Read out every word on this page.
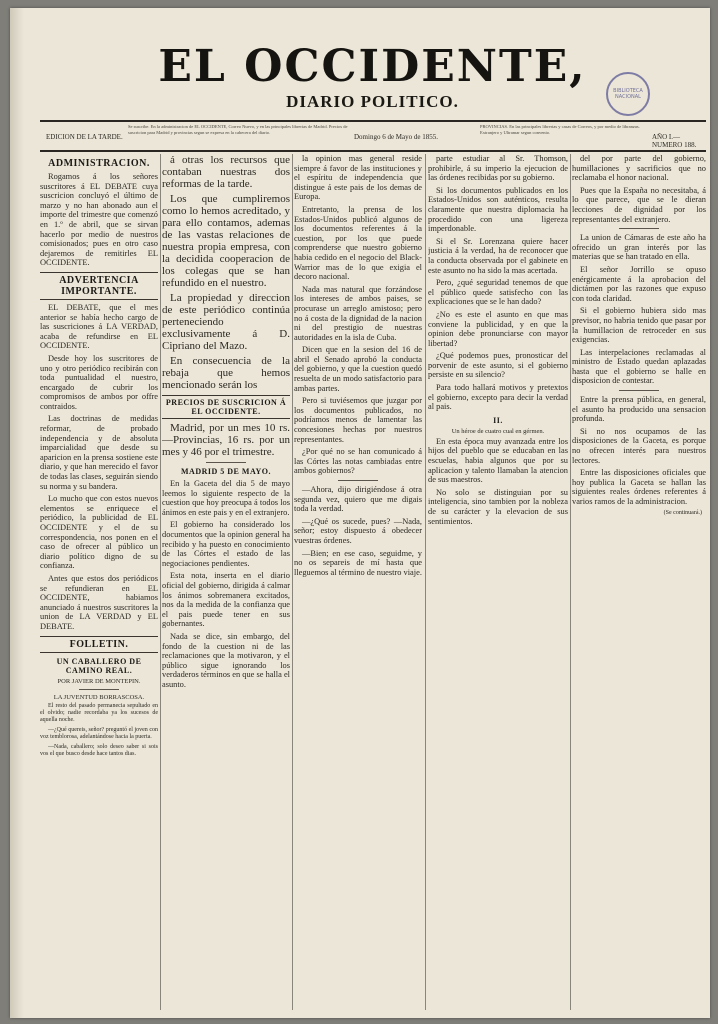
EL OCCIDENTE,
DIARIO POLITICO.
BIBLIOTECA NACIONAL
EDICION DE LA TARDE.
Se suscribe. En la administracion de EL OCCIDENTE, Correo Nuevo, y en las principales librerias de Madrid. Precios de suscricion para Madrid y provincias segun se expresa en la cabecera del diario.
Domingo 6 de Mayo de 1855.
PROVINCIAS. En las principales librerias y casas de Correos, y por medio de libranzas. Extranjero y Ultramar segun convenio.
AÑO I.—NUMERO 188.
ADMINISTRACION.

Rogamos á los señores suscritores á EL DEBATE cuya suscricion concluyó el último de marzo y no han abonado aun el importe del trimestre que comenzó en 1.º de abril, que se sirvan hacerlo por medio de nuestros comisionados; pues en otro caso dejaremos de remitirles EL OCCIDENTE.

ADVERTENCIA IMPORTANTE.

EL DEBATE, que el mes anterior se había hecho cargo de las suscriciones á LA VERDAD, acaba de refundirse en EL OCCIDENTE.

Desde hoy los suscritores de uno y otro periódico recibirán con toda puntualidad el nuestro, encargado de cubrir los compromisos de ambos por offre contraidos.

Las doctrinas de medidas reformar, de probado independencia y de absoluta imparcialidad que desde su aparicion en la prensa sostiene este diario, y que han merecido el favor de todas las clases, seguirán siendo su norma y su bandera.

Lo mucho que con estos nuevos elementos se enriquece el periódico, la publicidad de EL OCCIDENTE y el de su correspondencia, nos ponen en el caso de ofrecer al público un diario político digno de su confianza.

Antes que estos dos periódicos se refundieran en EL OCCIDENTE, habiamos anunciado á nuestros suscritores la union de LA VERDAD y EL DEBATE.

FOLLETIN.
UN CABALLERO DE CAMINO REAL.
POR JAVIER DE MONTEPIN.
LA JUVENTUD BORRASCOSA.

El resto del pasado permanecia sepultado en el olvido; nadie recordaba ya los sucesos de aquella noche.

—¿Qué quereis, señor? preguntó el joven con voz temblorosa, adelantándose hacia la puerta.

—Nada, caballero; solo deseo saber si sois vos el que busco desde hace tantos dias.

á otras los recursos que contaban nuestras dos reformas de la tarde.

Los que cumpliremos como lo hemos acreditado, y para ello contamos, ademas de las vastas relaciones de nuestra propia empresa, con la decidida cooperacion de los colegas que se han refundido en el nuestro.

La propiedad y direccion de este periódico continúa perteneciendo exclusivamente á D. Cipriano del Mazo.

En consecuencia de la rebaja que hemos mencionado serán los

PRECIOS DE SUSCRICION Á EL OCCIDENTE.

Madrid, por un mes 10 rs.—Provincias, 16 rs. por un mes y 46 por el trimestre.

MADRID 5 DE MAYO.

En la Gaceta del dia 5 de mayo leemos lo siguiente respecto de la cuestion que hoy preocupa á todos los ánimos en este pais y en el extranjero.

El gobierno ha considerado los documentos que la opinion general ha recibido y ha puesto en conocimiento de las Córtes el estado de las negociaciones pendientes.

Esta nota, inserta en el diario oficial del gobierno, dirigida á calmar los ánimos sobremanera excitados, nos da la medida de la confianza que el pais puede tener en sus gobernantes.

Nada se dice, sin embargo, del fondo de la cuestion ni de las reclamaciones que la motivaron, y el público sigue ignorando los verdaderos términos en que se halla el asunto.

la opinion mas general reside siempre á favor de las instituciones y el espíritu de independencia que distingue á este pais de los demas de Europa.

Entretanto, la prensa de los Estados-Unidos publicó algunos de los documentos referentes á la cuestion, por los que puede comprenderse que nuestro gobierno habia cedido en el negocio del Black-Warrior mas de lo que exigia el decoro nacional.

Nada mas natural que forzándose los intereses de ambos paises, se procurase un arreglo amistoso; pero no á costa de la dignidad de la nacion ni del prestigio de nuestras autoridades en la isla de Cuba.

Dicen que en la sesion del 16 de abril el Senado aprobó la conducta del gobierno, y que la cuestion quedó resuelta de un modo satisfactorio para ambas partes.

Pero si tuviésemos que juzgar por los documentos publicados, no podríamos menos de lamentar las concesiones hechas por nuestros representantes.

¿Por qué no se han comunicado á las Córtes las notas cambiadas entre ambos gobiernos?

—Ahora, dijo dirigiéndose á otra segunda vez, quiero que me digais toda la verdad.

—¿Qué os sucede, pues? —Nada, señor; estoy dispuesto á obedecer vuestras órdenes.

—Bien; en ese caso, seguidme, y no os separeis de mí hasta que lleguemos al término de nuestro viaje.

parte estudiar al Sr. Thomson, prohibirle, á su imperio la ejecucion de las órdenes recibidas por su gobierno.

Si los documentos publicados en los Estados-Unidos son auténticos, resulta claramente que nuestra diplomacia ha procedido con una ligereza imperdonable.

Si el Sr. Lorenzana quiere hacer justicia á la verdad, ha de reconocer que la conducta observada por el gabinete en este asunto no ha sido la mas acertada.

Pero, ¿qué seguridad tenemos de que el público quede satisfecho con las explicaciones que se le han dado?

¿No es este el asunto en que mas conviene la publicidad, y en que la opinion debe pronunciarse con mayor libertad?

¿Qué podemos pues, pronosticar del porvenir de este asunto, si el gobierno persiste en su silencio?

Para todo hallará motivos y pretextos el gobierno, excepto para decir la verdad al pais.

II.
Un héroe de cuatro cual en gérmen.

En esta época muy avanzada entre los hijos del pueblo que se educaban en las escuelas, habia algunos que por su aplicacion y talento llamaban la atencion de sus maestros.

No solo se distinguian por su inteligencia, sino tambien por la nobleza de su carácter y la elevacion de sus sentimientos.

del por parte del gobierno, humillaciones y sacrificios que no reclamaba el honor nacional.

Pues que la España no necesitaba, á lo que parece, que se le dieran lecciones de dignidad por los representantes del extranjero.

La union de Cámaras de este año ha ofrecido un gran interés por las materias que se han tratado en ella.

El señor Jorrillo se opuso enérgicamente á la aprobacion del dictámen por las razones que expuso con toda claridad.

Si el gobierno hubiera sido mas previsor, no habria tenido que pasar por la humillacion de retroceder en sus exigencias.

Las interpelaciones reclamadas al ministro de Estado quedan aplazadas hasta que el gobierno se halle en disposicion de contestar.

Entre la prensa pública, en general, el asunto ha producido una sensacion profunda.

Si no nos ocupamos de las disposiciones de la Gaceta, es porque no ofrecen interés para nuestros lectores.

Entre las disposiciones oficiales que hoy publica la Gaceta se hallan las siguientes reales órdenes referentes á varios ramos de la administracion.

(Se continuará.)
